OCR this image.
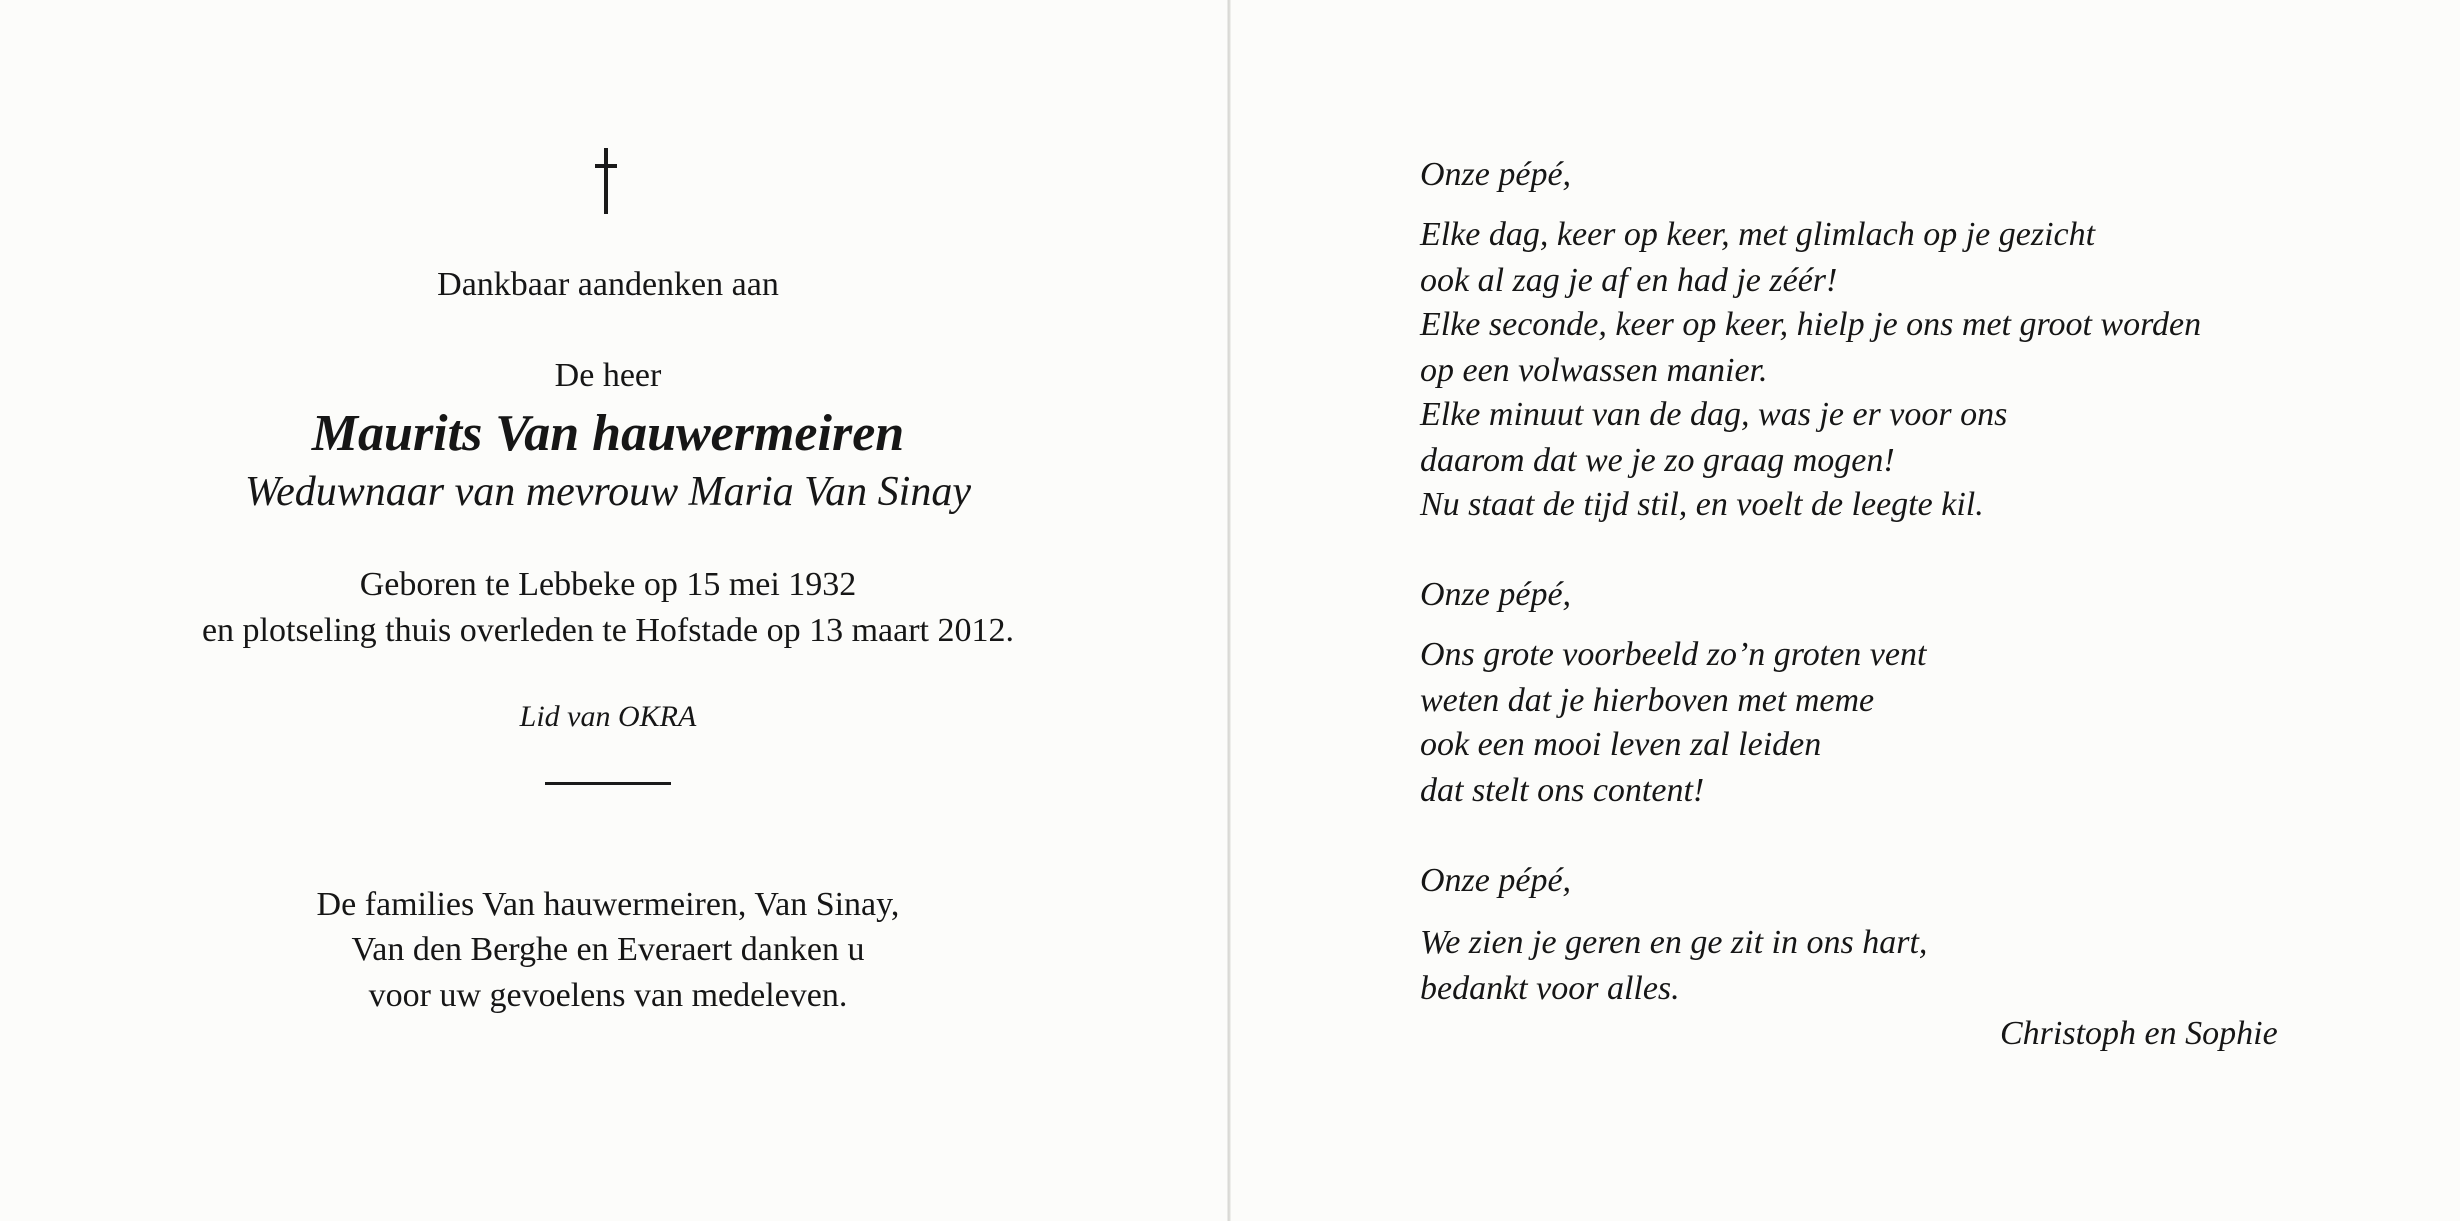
Dankbaar aandenken aan
De heer
Maurits Van hauwermeiren
Weduwnaar van mevrouw Maria Van Sinay
Geboren te Lebbeke op 15 mei 1932
en plotseling thuis overleden te Hofstade op 13 maart 2012.
Lid van OKRA
De families Van hauwermeiren, Van Sinay,
Van den Berghe en Everaert danken u
voor uw gevoelens van medeleven.
Onze pépé,
Elke dag, keer op keer, met glimlach op je gezicht
ook al zag je af en had je zéér!
Elke seconde, keer op keer, hielp je ons met groot worden
op een volwassen manier.
Elke minuut van de dag, was je er voor ons
daarom dat we je zo graag mogen!
Nu staat de tijd stil, en voelt de leegte kil.
Onze pépé,
Ons grote voorbeeld zo’n groten vent
weten dat je hierboven met meme
ook een mooi leven zal leiden
dat stelt ons content!
Onze pépé,
We zien je geren en ge zit in ons hart,
bedankt voor alles.
Christoph en Sophie
